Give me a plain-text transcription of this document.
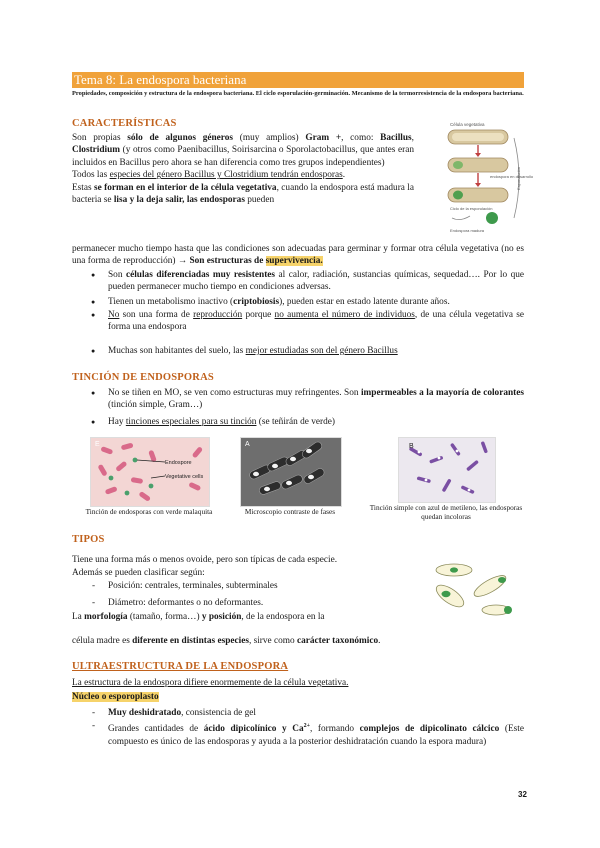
Tema 8: La endospora bacteriana
Propiedades, composición y estructura de la endospora bacteriana. El ciclo esporulación-germinación. Mecanismo de la termorresistencia de la endospora bacteriana.
CARACTERÍSTICAS
Son propias sólo de algunos géneros (muy amplios) Gram +, como: Bacillus, Clostridium (y otros como Paenibacillus, Soirisarcina o Sporolactobacillus, que antes eran incluidos en Bacillus pero ahora se han diferencia como tres grupos independientes)
Todos las especies del género Bacillus y Clostridium tendrán endosporas.
Estas se forman en el interior de la célula vegetativa, cuando la endospora está madura la bacteria se lisa y la deja salir, las endosporas pueden
Célula vegetativa
endospora en desarrollo
Ciclo de la esporulación
Endospora madura
Esporulación
permanecer mucho tiempo hasta que las condiciones son adecuadas para germinar y formar otra célula vegetativa (no es una forma de reproducción) → Son estructuras de supervivencia.
● Son células diferenciadas muy resistentes al calor, radiación, sustancias químicas, sequedad…. Por lo que pueden permanecer mucho tiempo en condiciones adversas.
● Tienen un metabolismo inactivo (criptobiosis), pueden estar en estado latente durante años.
● No son una forma de reproducción porque no aumenta el número de individuos, de una célula vegetativa se forma una endospora
● Muchas son habitantes del suelo, las mejor estudiadas son del género Bacillus
TINCIÓN DE ENDOSPORAS
● No se tiñen en MO, se ven como estructuras muy refringentes. Son impermeables a la mayoría de colorantes (tinción simple, Gram…)
● Hay tinciones especiales para su tinción (se teñirán de verde)
E
Endospore
Vegetative cells
A	B
Tinción de endosporas con verde malaquita	Microscopio contraste de fases	Tinción simple con azul de metileno, las endosporas quedan incoloras
TIPOS
Tiene una forma más o menos ovoide, pero son típicas de cada especie.
Además se pueden clasificar según:
- Posición: centrales, terminales, subterminales
- Diámetro: deformantes o no deformantes.
La morfología (tamaño, forma…) y posición, de la endospora en la
célula madre es diferente en distintas especies, sirve como carácter taxonómico.
ULTRAESTRUCTURA DE LA ENDOSPORA
La estructura de la endospora difiere enormemente de la célula vegetativa.
Núcleo o esporoplasto
- Muy deshidratado, consistencia de gel
- Grandes cantidades de ácido dipicolínico y $Ca^{2+}$, formando complejos de dipicolinato cálcico (Este compuesto es único de las endosporas y ayuda a la posterior deshidratación cuando la espora madura)
32
